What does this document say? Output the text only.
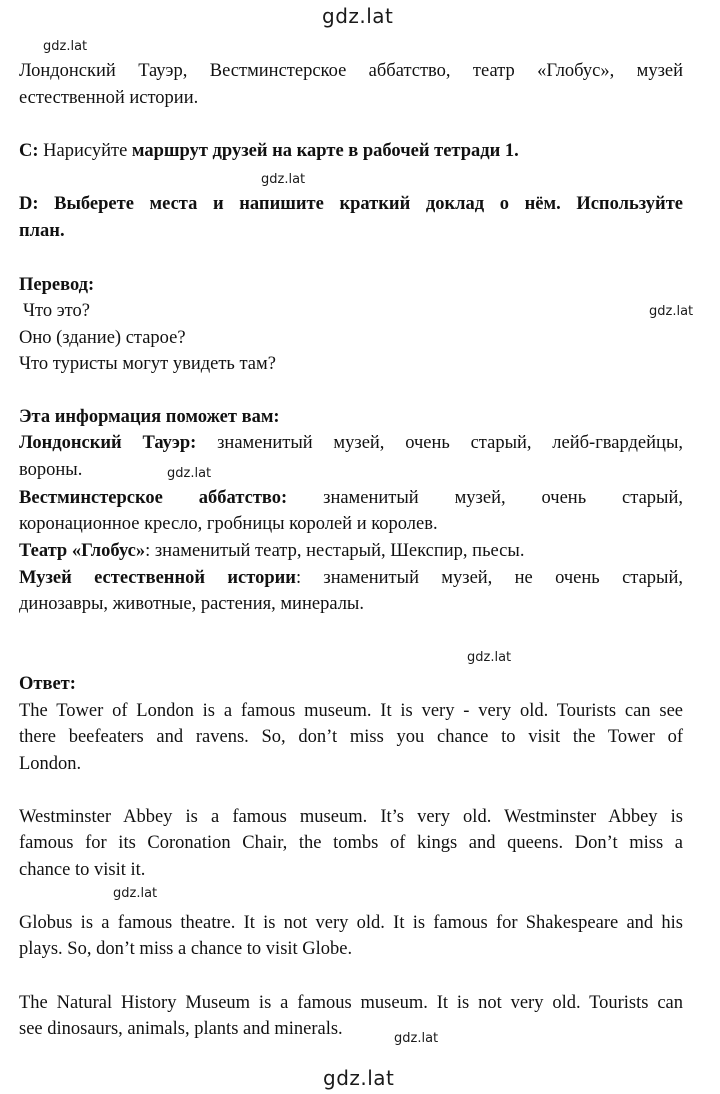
gdz.lat
gdz.lat
gdz.lat
gdz.lat
gdz.lat
gdz.lat
gdz.lat
gdz.lat
gdz.lat
Лондонский Тауэр, Вестминстерское аббатство, театр «Глобус», музей
естественной истории.
C: Нарисуйте маршрут друзей на карте в рабочей тетради 1.
D: Выберете места и напишите краткий доклад о нём. Используйте
план.
Перевод:
Что это?
Оно (здание) старое?
Что туристы могут увидеть там?
Эта информация поможет вам:
Лондонский Тауэр: знаменитый музей, очень старый, лейб-гвардейцы,
вороны.
Вестминстерское аббатство: знаменитый музей, очень старый,
коронационное кресло, гробницы королей и королев.
Театр «Глобус»: знаменитый театр, нестарый, Шекспир, пьесы.
Музей естественной истории: знаменитый музей, не очень старый,
динозавры, животные, растения, минералы.
Ответ:
The Tower of London is a famous museum. It is very - very old. Tourists can see
there beefeaters and ravens. So, don’t miss you chance to visit the Tower of
London.
Westminster Abbey is a famous museum. It’s very old. Westminster Abbey is
famous for its Coronation Chair, the tombs of kings and queens. Don’t miss a
chance to visit it.
Globus is a famous theatre. It is not very old. It is famous for Shakespeare and his
plays. So, don’t miss a chance to visit Globe.
The Natural History Museum is a famous museum. It is not very old. Tourists can
see dinosaurs, animals, plants and minerals.
